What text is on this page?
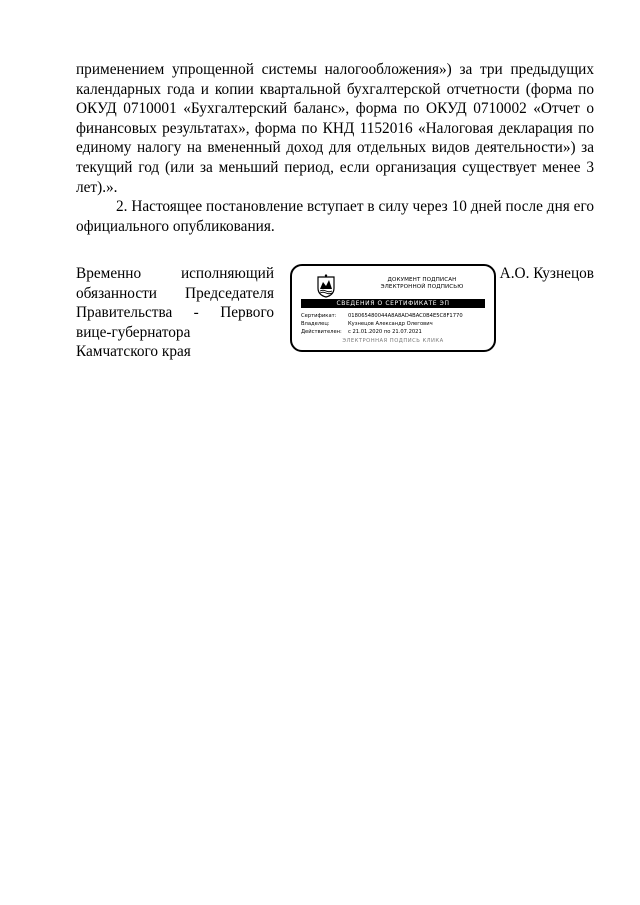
применением упрощенной системы налогообложения») за три предыдущих календарных года и копии квартальной бухгалтерской отчетности (форма по ОКУД 0710001 «Бухгалтерский баланс», форма по ОКУД 0710002 «Отчет о финансовых результатах», форма по КНД 1152016 «Налоговая декларация по единому налогу на вмененный доход для отдельных видов деятельности») за текущий год (или за меньший период, если организация существует менее 3 лет).».

2. Настоящее постановление вступает в силу через 10 дней после дня его официального опубликования.

Временно исполняющий обязанности Председателя Правительства - Первого вице-губернатора Камчатского края
ДОКУМЕНТ ПОДПИСАН
ЭЛЕКТРОННОЙ ПОДПИСЬЮ
СВЕДЕНИЯ О СЕРТИФИКАТЕ ЭП
Сертификат:	018065480044A8A8AD4BAC0B4E5C8F1770
Владелец:	Кузнецов Александр Олегович
Действителен:	с 21.01.2020 по 21.07.2021
ЭЛЕКТРОННАЯ ПОДПИСЬ КЛИКА
А.О. Кузнецов
